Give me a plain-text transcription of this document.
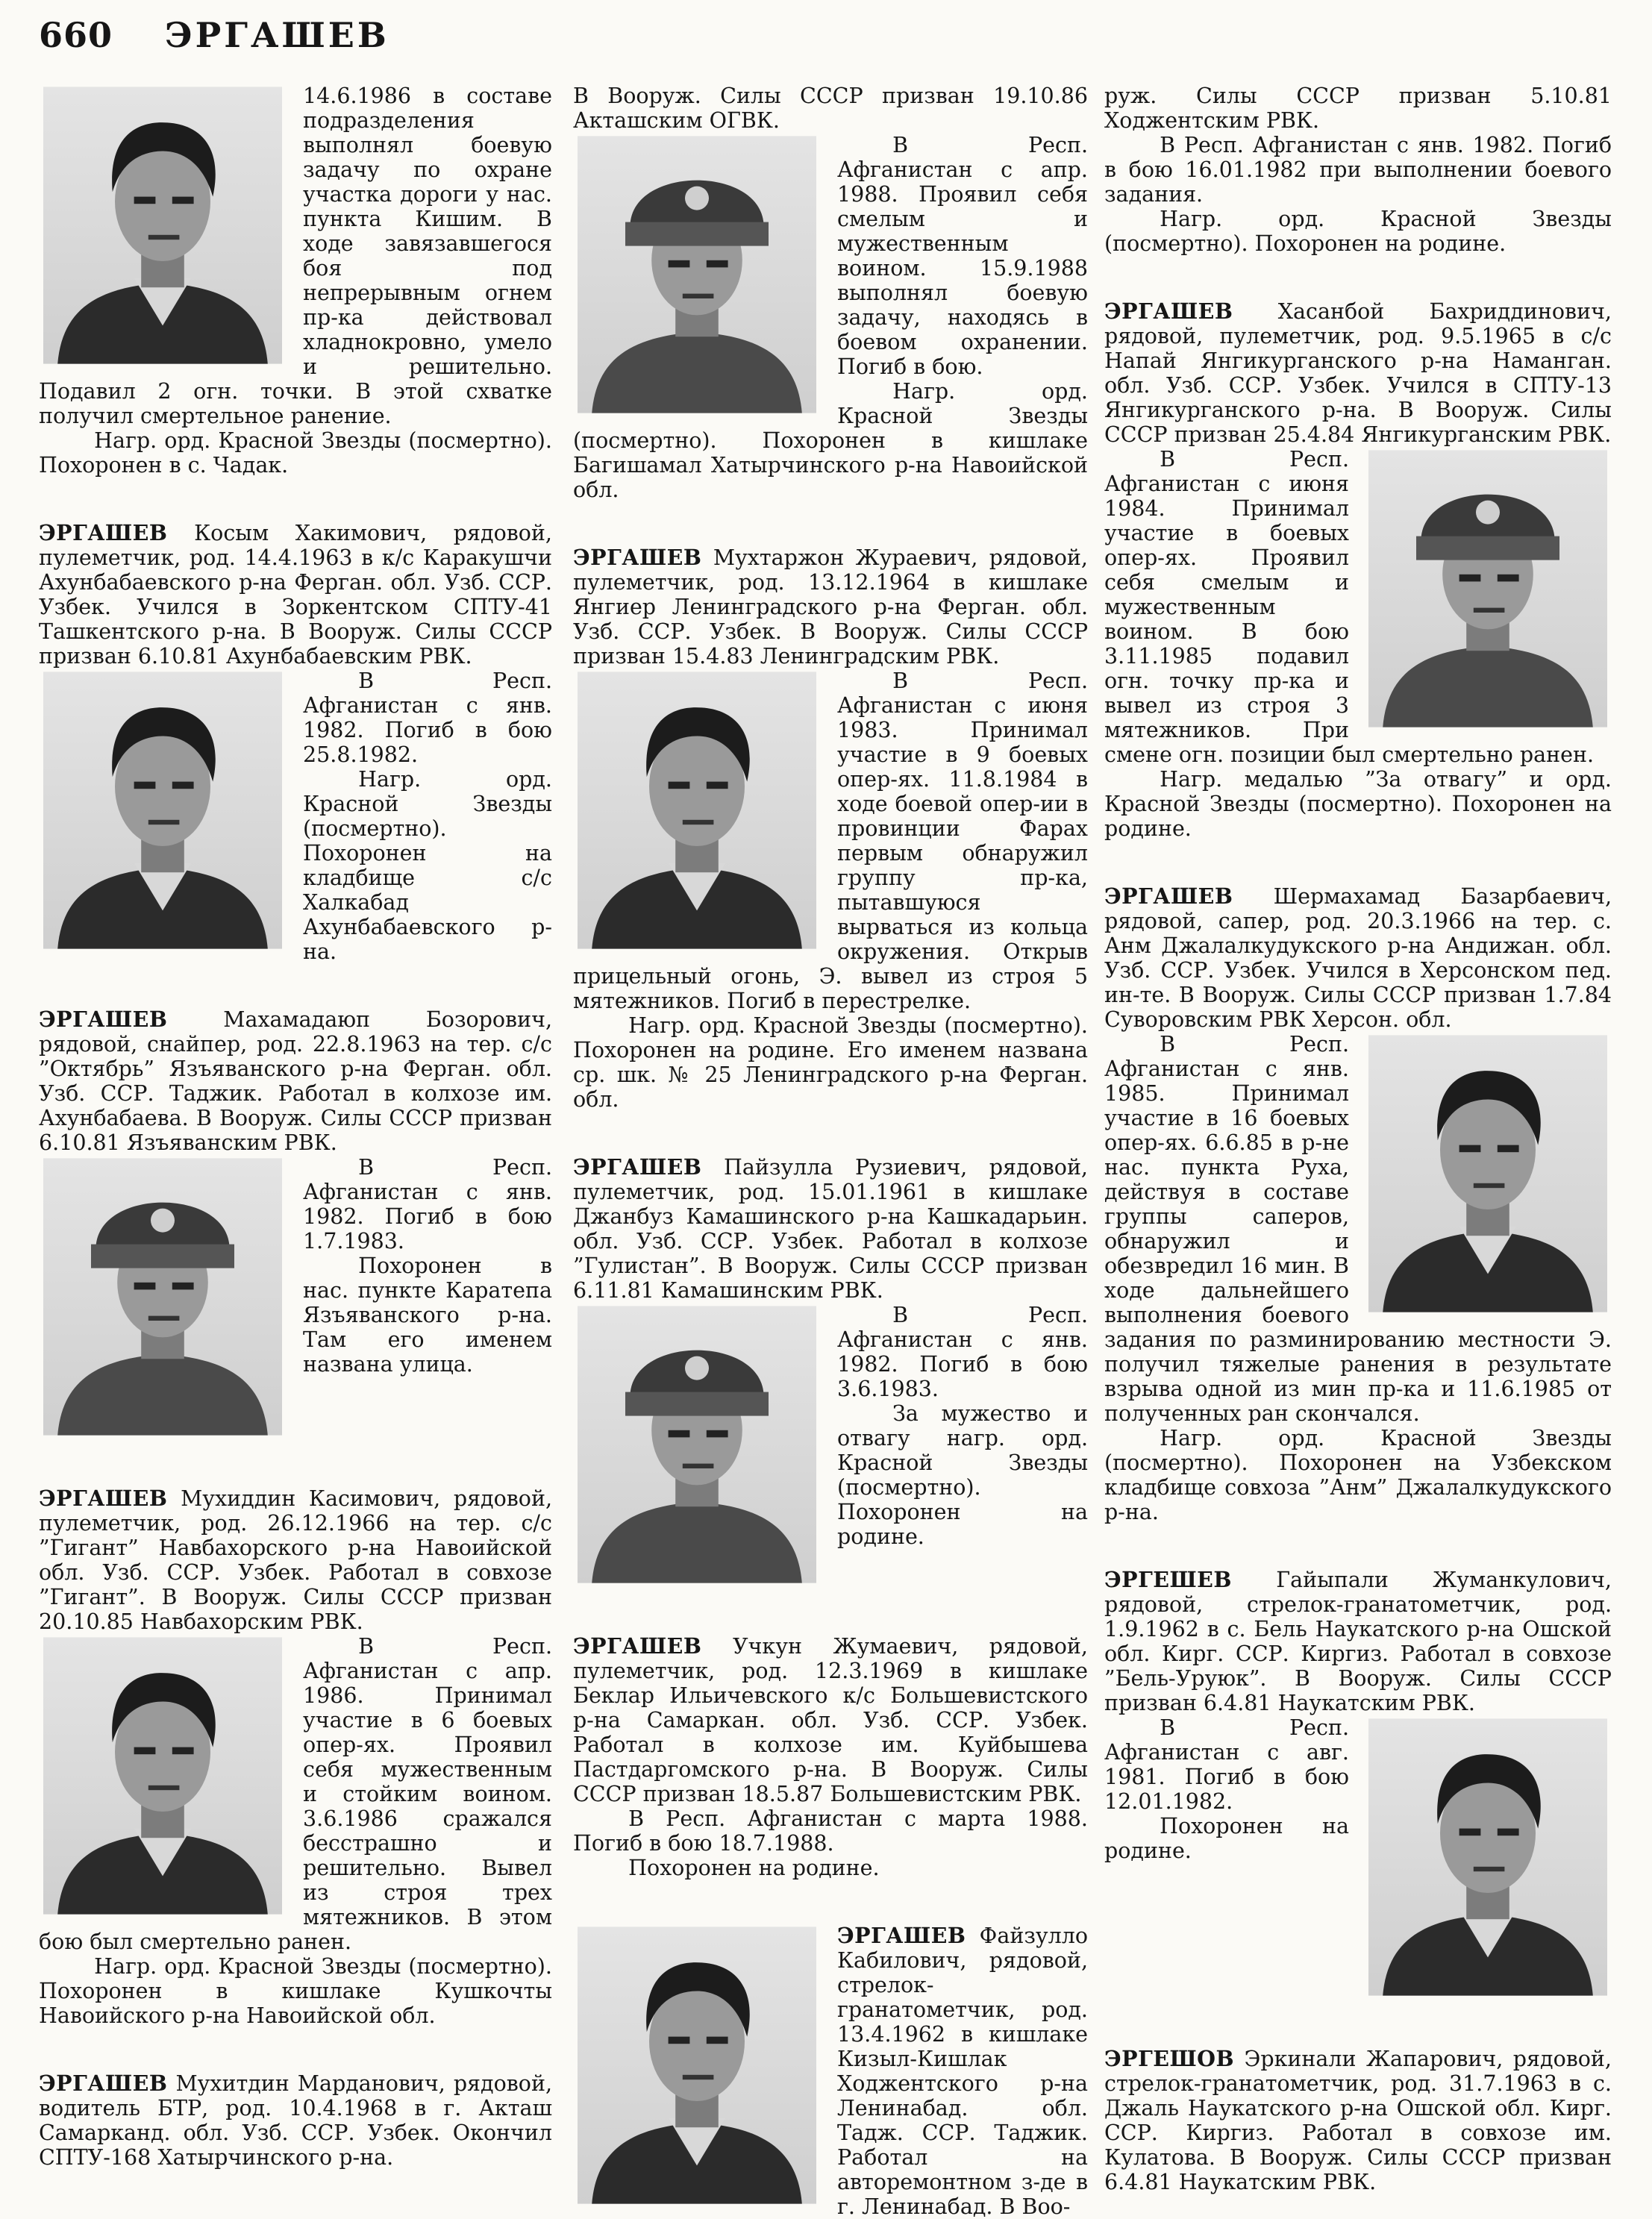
660 ЭРГАШЕВ

14.6.1986 в составе подразделения выполнял боевую задачу по охране участка дороги у нас. пункта Кишим. В ходе завязавшегося боя под непрерывным огнем пр-ка действовал хладнокровно, умело и решительно. Подавил 2 огн. точки. В этой схватке получил смертельное ранение.

Нагр. орд. Красной Звезды (посмертно). Похоронен в с. Чадак.

ЭРГАШЕВ Косым Хакимович, рядовой, пулеметчик, род. 14.4.1963 в к/с Каракушчи Ахунбабаевского р-на Ферган. обл. Узб. ССР. Узбек. Учился в Зоркентском СПТУ-41 Ташкентского р-на. В Вооруж. Силы СССР призван 6.10.81 Ахунбабаевским РВК.

В Респ. Афганистан с янв. 1982. Погиб в бою 25.8.1982.

Нагр. орд. Красной Звезды (посмертно). Похоронен на кладбище с/с Халкабад Ахунбабаевского р-на.

ЭРГАШЕВ	Махамадаюп Бозорович, рядовой, снайпер, род. 22.8.1963 на тер. с/с ”Октябрь” Язъяванского р-на Ферган. обл. Узб. ССР. Таджик. Работал в колхозе им. Ахунбабаева. В Вооруж. Силы СССР призван 6.10.81 Язъяванским РВК.

В Респ. Афганистан с янв. 1982. Погиб в бою 1.7.1983.

Похоронен в нас. пункте Каратепа Язъяванского р-на. Там его именем названа улица.

ЭРГАШЕВ Мухиддин Касимович, рядовой, пулеметчик, род. 26.12.1966 на тер. с/с ”Гигант” Навбахорского р-на Навоийской обл. Узб. ССР. Узбек. Работал в совхозе ”Гигант”. В Вооруж. Силы СССР призван 20.10.85 Навбахорским РВК.

В Респ. Афганистан с апр. 1986. Принимал участие в 6 боевых опер-ях. Проявил себя мужественным и стойким воином. 3.6.1986 сражался бесстрашно и решительно. Вывел из строя трех мятежников. В этом бою был смертельно ранен.

Нагр. орд. Красной Звезды (посмертно). Похоронен в кишлаке Кушкочты Навоийского р-на Навоийской обл.

ЭРГАШЕВ Мухитдин Марданович, рядовой, водитель БТР, род. 10.4.1968 в г. Акташ Самарканд. обл. Узб. ССР. Узбек. Окончил СПТУ-168 Хатырчинского р-на.

В Вооруж. Силы СССР призван 19.10.86 Акташским ОГВК.

В Респ. Афганистан с апр. 1988. Проявил себя смелым и мужественным воином. 15.9.1988 выполнял боевую задачу, находясь в боевом охранении. Погиб в бою.

Нагр. орд. Красной Звезды (посмертно). Похоронен в кишлаке Багишамал Хатырчинского р-на Навоийской обл.

ЭРГАШЕВ Мухтаржон Жураевич, рядовой, пулеметчик, род. 13.12.1964 в кишлаке Янгиер Ленинградского р-на Ферган. обл. Узб. ССР. Узбек. В Вооруж. Силы СССР призван 15.4.83 Ленинградским РВК.

В Респ. Афганистан с июня 1983. Принимал участие в 9 боевых опер-ях. 11.8.1984 в ходе боевой опер-ии в провинции Фарах первым обнаружил группу пр-ка, пытавшуюся вырваться из кольца окружения. Открыв прицельный огонь, Э. вывел из строя 5 мятежников. Погиб в перестрелке.

Нагр. орд. Красной Звезды (посмертно). Похоронен на родине. Его именем названа ср. шк. № 25 Ленинградского р-на Ферган. обл.

ЭРГАШЕВ Пайзулла Рузиевич, рядовой, пулеметчик, род. 15.01.1961 в кишлаке Джанбуз Камашинского р-на Кашкадарьин. обл. Узб. ССР. Узбек. Работал в колхозе ”Гулистан”. В Вооруж. Силы СССР призван 6.11.81 Камашинским РВК.

В Респ. Афганистан с янв. 1982. Погиб в бою 3.6.1983.

За мужество и отвагу нагр. орд. Красной Звезды (посмертно). Похоронен на родине.

ЭРГАШЕВ Учкун Жумаевич, рядовой, пулеметчик, род. 12.3.1969 в кишлаке Беклар Ильичевского к/с Большевистского р-на Самаркан. обл. Узб. ССР. Узбек. Работал в колхозе им. Куйбышева Пастдаргомского р-на. В Вооруж. Силы СССР призван 18.5.87 Большевистским РВК.

В Респ. Афганистан с марта 1988. Погиб в бою 18.7.1988.

Похоронен на родине.

ЭРГАШЕВ Файзулло Кабилович, рядовой, стрелок-гранатометчик, род. 13.4.1962 в кишлаке Кизыл-Кишлак Ходжентского р-на Ленинабад. обл. Тадж. ССР. Таджик. Работал на авторемонтном з-де в г. Ленинабад. В Воо-

руж. Силы СССР призван 5.10.81 Ходжентским РВК.

В Респ. Афганистан с янв. 1982. Погиб в бою 16.01.1982 при выполнении боевого задания.

Нагр. орд. Красной Звезды (посмертно). Похоронен на родине.

ЭРГАШЕВ Хасанбой Бахриддинович, рядовой, пулеметчик, род. 9.5.1965 в с/с Напай Янгикурганского р-на Наманган. обл. Узб. ССР. Узбек. Учился в СПТУ-13 Янгикурганского р-на. В Вооруж. Силы СССР призван 25.4.84 Янгикурганским РВК.

В Респ. Афганистан с июня 1984. Принимал участие в боевых опер-ях. Проявил себя смелым и мужественным воином. В бою 3.11.1985 подавил огн. точку пр-ка и вывел из строя 3 мятежников. При смене огн. позиции был смертельно ранен.

Нагр. медалью ”За отвагу” и орд. Красной Звезды (посмертно). Похоронен на родине.

ЭРГАШЕВ Шермахамад Базарбаевич, рядовой, сапер, род. 20.3.1966 на тер. с. Анм Джалалкудукского р-на Андижан. обл. Узб. ССР. Узбек. Учился в Херсонском пед. ин-те. В Вооруж. Силы СССР призван 1.7.84 Суворовским РВК Херсон. обл.

В Респ. Афганистан с янв. 1985. Принимал участие в 16 боевых опер-ях. 6.6.85 в р-не нас. пункта Руха, действуя в составе группы саперов, обнаружил и обезвредил 16 мин. В ходе дальнейшего выполнения боевого задания по разминированию местности Э. получил тяжелые ранения в результате взрыва одной из мин пр-ка и 11.6.1985 от полученных ран скончался.

Нагр. орд. Красной Звезды (посмертно). Похоронен на Узбекском кладбище совхоза ”Анм” Джалалкудукского р-на.

ЭРГЕШЕВ Гайыпали Жуманкулович, рядовой, стрелок-гранатометчик, род. 1.9.1962 в с. Бель Наукатского р-на Ошской обл. Кирг. ССР. Киргиз. Работал в совхозе ”Бель-Уруюк”. В Вооруж. Силы СССР призван 6.4.81 Наукатским РВК.

В Респ. Афганистан с авг. 1981. Погиб в бою 12.01.1982.

Похоронен на родине.

ЭРГЕШОВ Эркинали Жапарович, рядовой, стрелок-гранатометчик, род. 31.7.1963 в с. Джаль Наукатского р-на Ошской обл. Кирг. ССР. Киргиз. Работал в совхозе им. Кулатова. В Вооруж. Силы СССР призван 6.4.81 Наукатским РВК.
